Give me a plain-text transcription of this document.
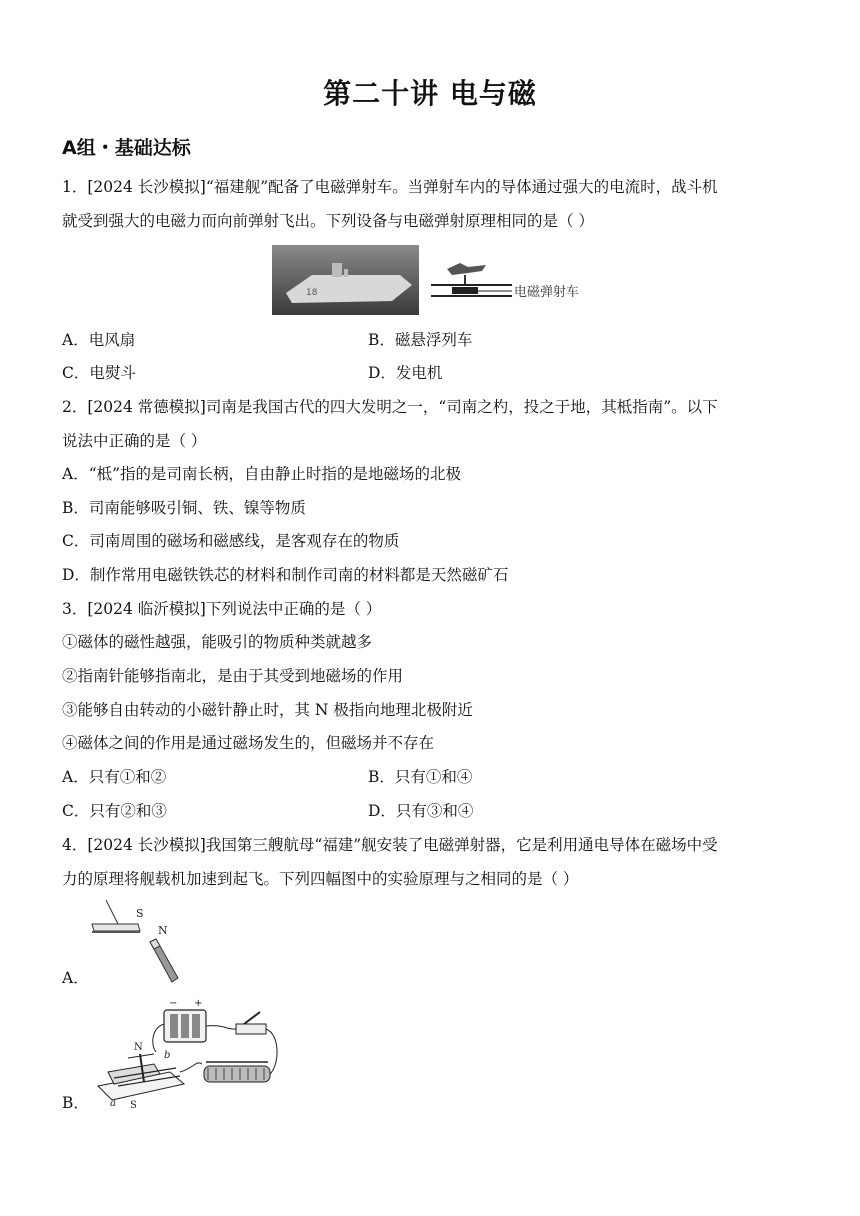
第二十讲 电与磁
A组・基础达标
1．[2024 长沙模拟]“福建舰”配备了电磁弹射车。当弹射车内的导体通过强大的电流时，战斗机
就受到强大的电磁力而向前弹射飞出。下列设备与电磁弹射原理相同的是（ ）
18	电磁弹射车
A．电风扇	B．磁悬浮列车
C．电熨斗	D．发电机
2．[2024 常德模拟]司南是我国古代的四大发明之一，“司南之杓，投之于地，其柢指南”。以下
说法中正确的是（ ）
A．“柢”指的是司南长柄，自由静止时指的是地磁场的北极
B．司南能够吸引铜、铁、镍等物质
C．司南周围的磁场和磁感线，是客观存在的物质
D．制作常用电磁铁铁芯的材料和制作司南的材料都是天然磁矿石
3．[2024 临沂模拟]下列说法中正确的是（ ）
①磁体的磁性越强，能吸引的物质种类就越多
②指南针能够指南北，是由于其受到地磁场的作用
③能够自由转动的小磁针静止时，其 N 极指向地理北极附近
④磁体之间的作用是通过磁场发生的，但磁场并不存在
A．只有①和②	B．只有①和④
C．只有②和③	D．只有③和④
4．[2024 长沙模拟]我国第三艘航母“福建”舰安装了电磁弹射器，它是利用通电导体在磁场中受
力的原理将舰载机加速到起飞。下列四幅图中的实验原理与之相同的是（ ）
S
N
A．
− +
N
b
a S
B．
